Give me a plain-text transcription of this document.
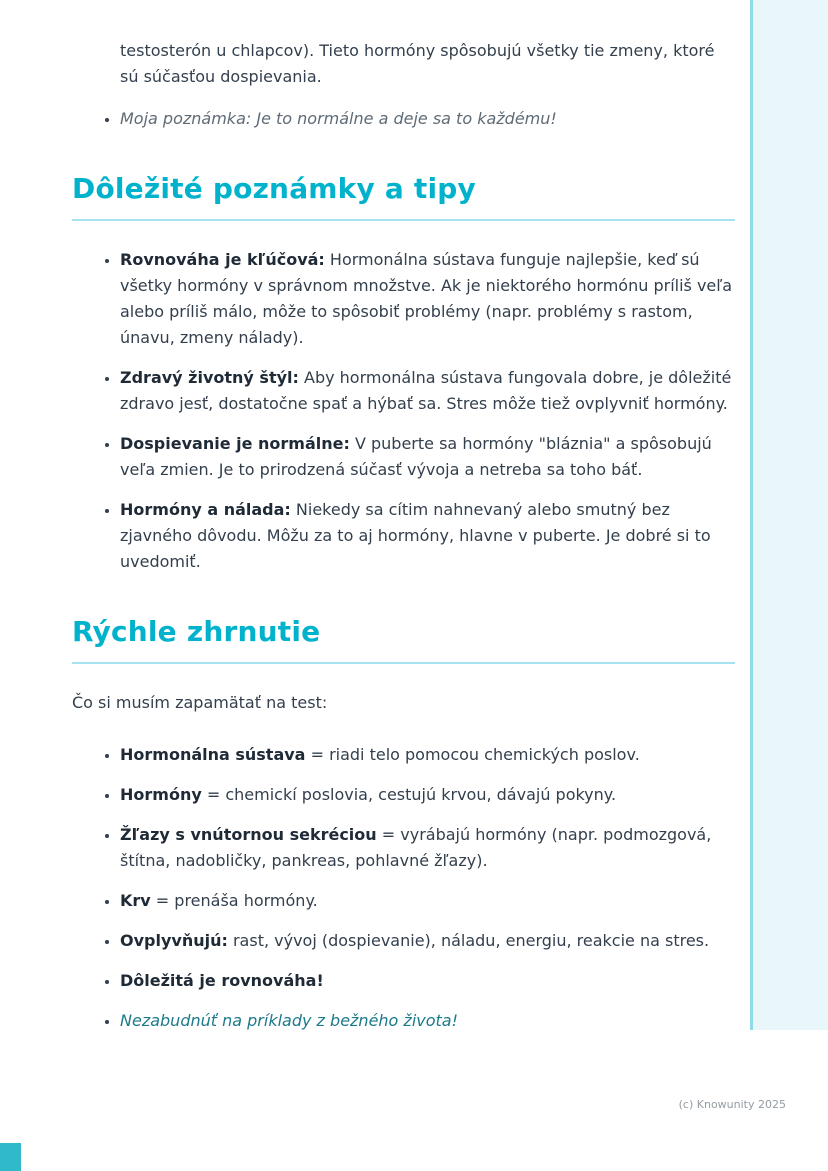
testosterón u chlapcov). Tieto hormóny spôsobujú všetky tie zmeny, ktoré sú súčasťou dospievania.

• Moja poznámka: Je to normálne a deje sa to každému!
Dôležité poznámky a tipy
• Rovnováha je kľúčová: Hormonálna sústava funguje najlepšie, keď sú všetky hormóny v správnom množstve. Ak je niektorého hormónu príliš veľa alebo príliš málo, môže to spôsobiť problémy (napr. problémy s rastom, únavu, zmeny nálady).
• Zdravý životný štýl: Aby hormonálna sústava fungovala dobre, je dôležité zdravo jesť, dostatočne spať a hýbať sa. Stres môže tiež ovplyvniť hormóny.
• Dospievanie je normálne: V puberte sa hormóny "bláznia" a spôsobujú veľa zmien. Je to prirodzená súčasť vývoja a netreba sa toho báť.
• Hormóny a nálada: Niekedy sa cítim nahnevaný alebo smutný bez zjavného dôvodu. Môžu za to aj hormóny, hlavne v puberte. Je dobré si to uvedomiť.
Rýchle zhrnutie

Čo si musím zapamätať na test:

• Hormonálna sústava = riadi telo pomocou chemických poslov.
• Hormóny = chemickí poslovia, cestujú krvou, dávajú pokyny.
• Žľazy s vnútornou sekréciou = vyrábajú hormóny (napr. podmozgová, štítna, nadobličky, pankreas, pohlavné žľazy).
• Krv = prenáša hormóny.
• Ovplyvňujú: rast, vývoj (dospievanie), náladu, energiu, reakcie na stres.
• Dôležitá je rovnováha!
• Nezabudnúť na príklady z bežného života!
(c) Knowunity 2025
